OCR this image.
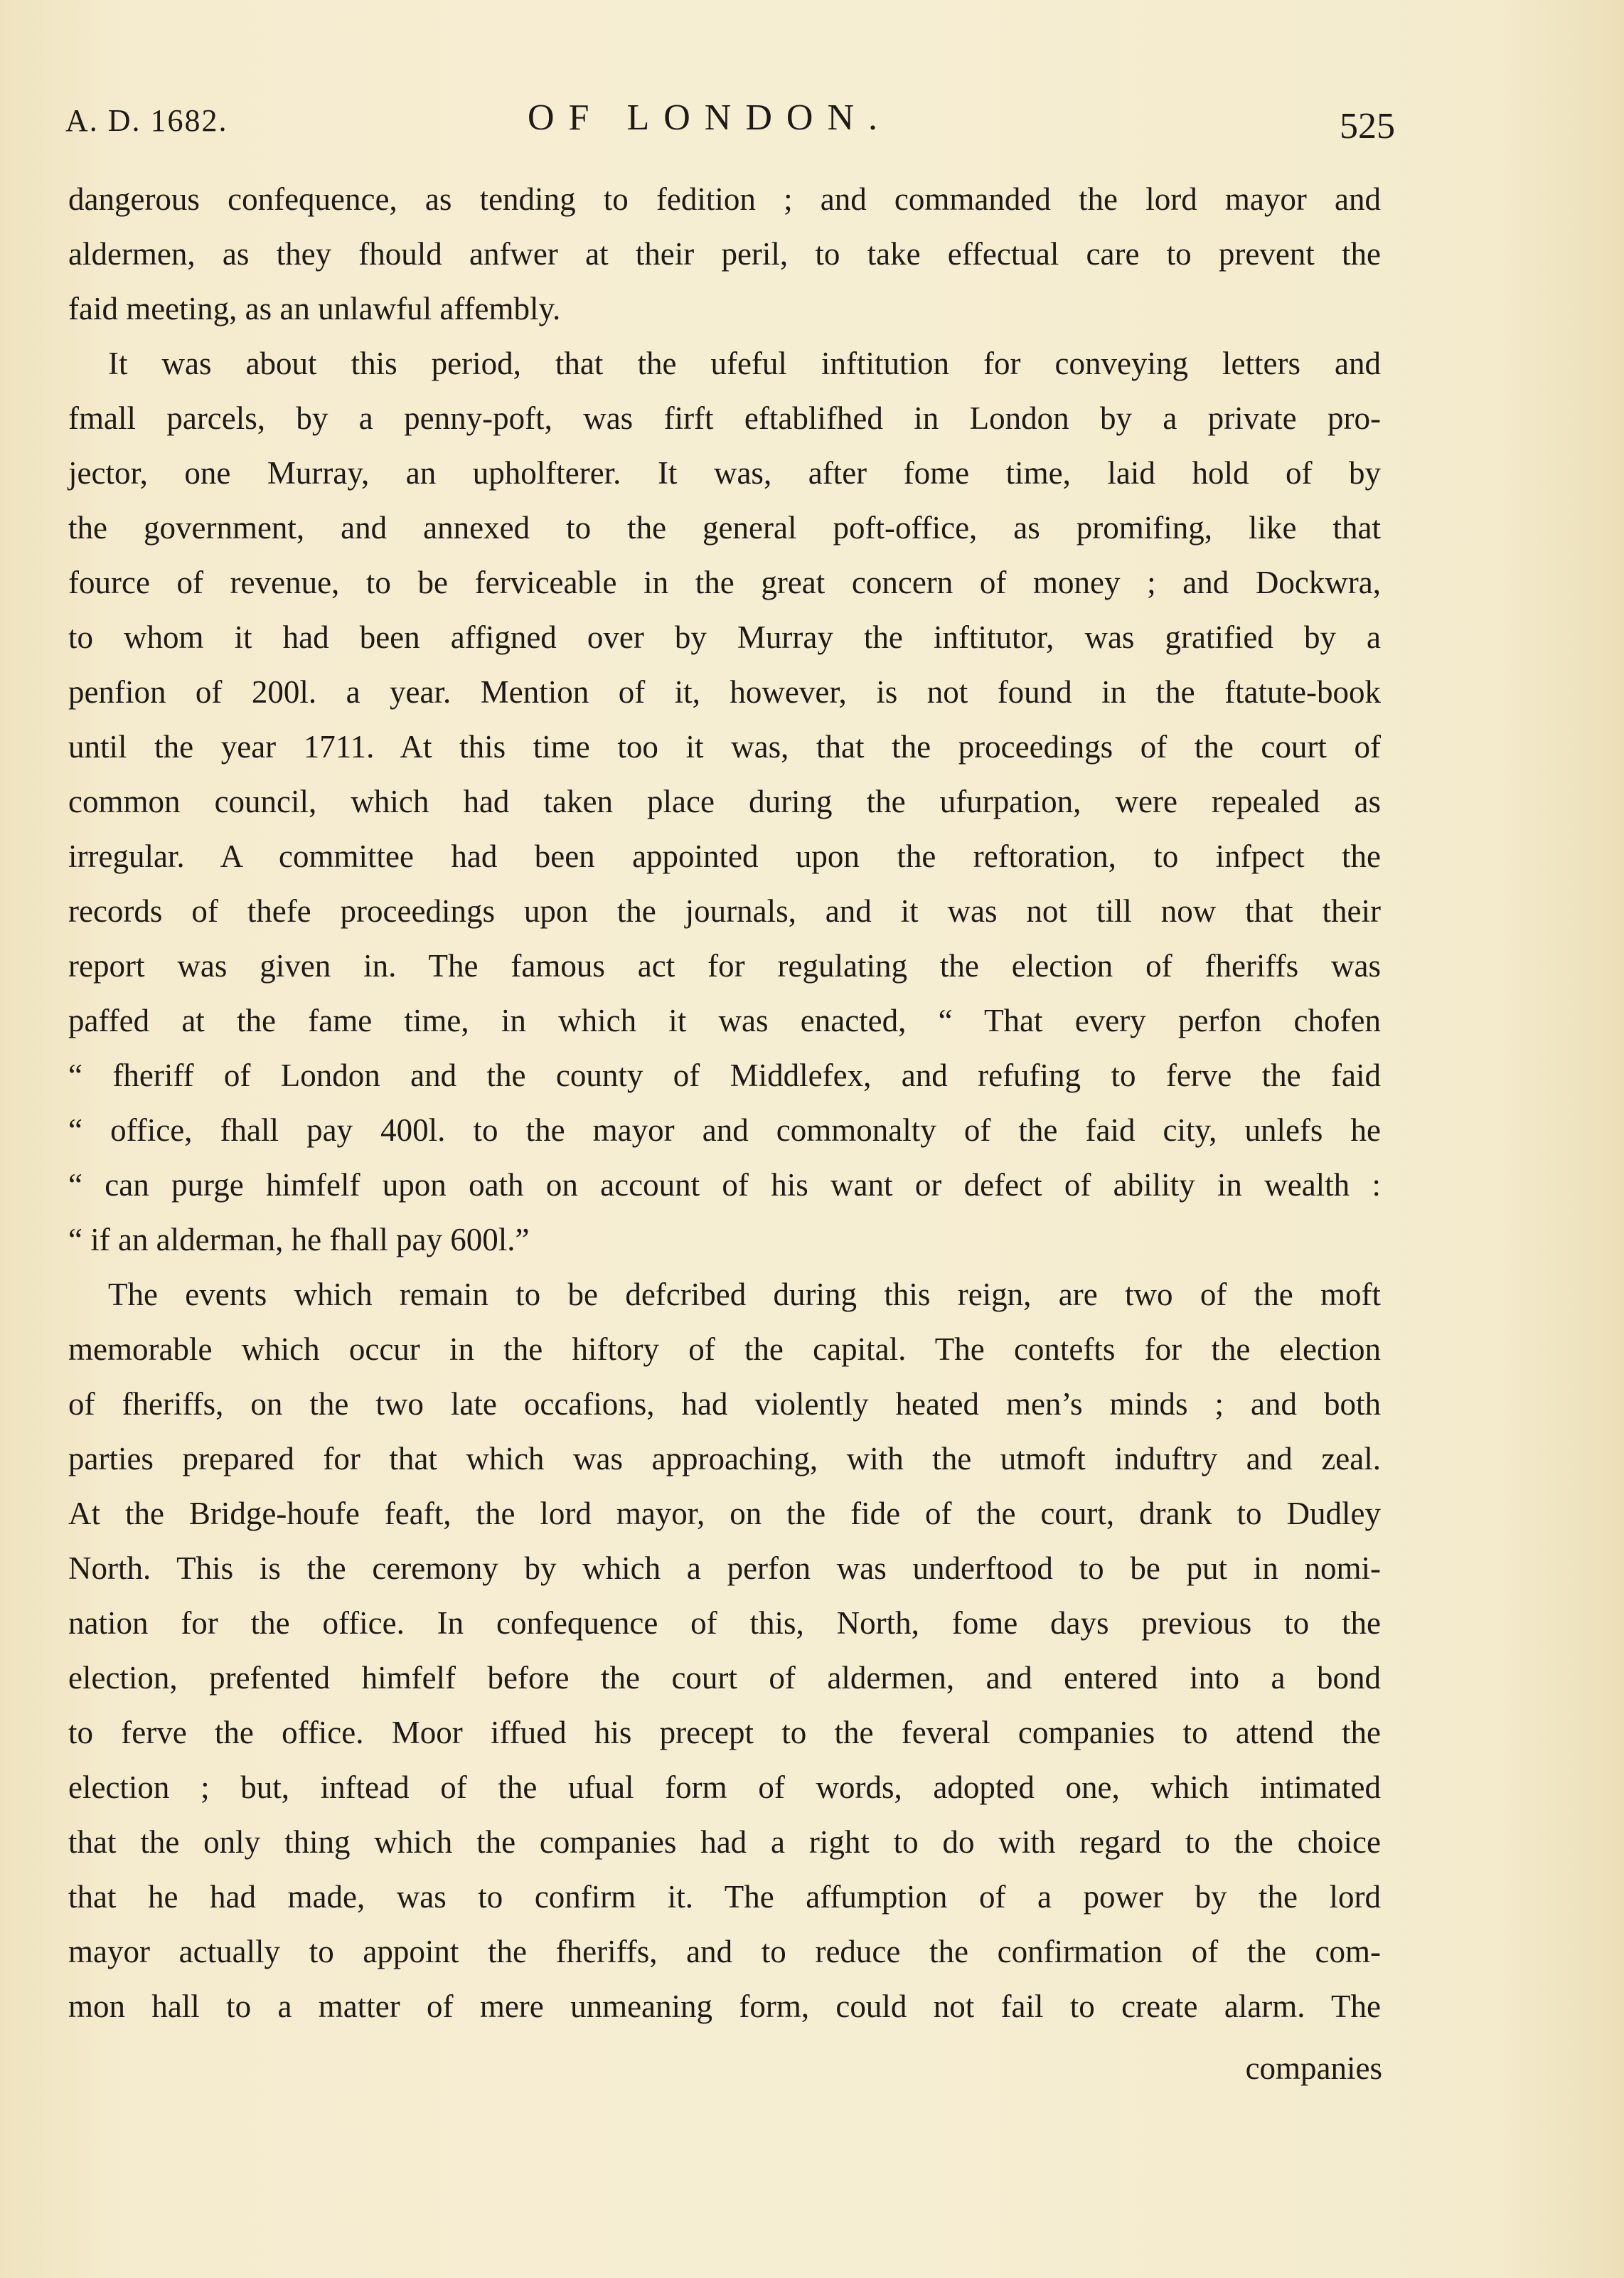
A. D. 1682.	OF LONDON.	525
dangerous confequence, as tending to fedition ; and commanded the lord mayor and
aldermen, as they fhould anfwer at their peril, to take effectual care to prevent the
faid meeting, as an unlawful affembly.
It was about this period, that the ufeful inftitution for conveying letters and
fmall parcels, by a penny-poft, was firft eftablifhed in London by a private pro-
jector, one Murray, an upholfterer. It was, after fome time, laid hold of by
the government, and annexed to the general poft-office, as promifing, like that
fource of revenue, to be ferviceable in the great concern of money ; and Dockwra,
to whom it had been affigned over by Murray the inftitutor, was gratified by a
penfion of 200l. a year. Mention of it, however, is not found in the ftatute-book
until the year 1711. At this time too it was, that the proceedings of the court of
common council, which had taken place during the ufurpation, were repealed as
irregular. A committee had been appointed upon the reftoration, to infpect the
records of thefe proceedings upon the journals, and it was not till now that their
report was given in. The famous act for regulating the election of fheriffs was
paffed at the fame time, in which it was enacted, “ That every perfon chofen
“ fheriff of London and the county of Middlefex, and refufing to ferve the faid
“ office, fhall pay 400l. to the mayor and commonalty of the faid city, unlefs he
“ can purge himfelf upon oath on account of his want or defect of ability in wealth :
“ if an alderman, he fhall pay 600l.”
The events which remain to be defcribed during this reign, are two of the moft
memorable which occur in the hiftory of the capital. The contefts for the election
of fheriffs, on the two late occafions, had violently heated men’s minds ; and both
parties prepared for that which was approaching, with the utmoft induftry and zeal.
At the Bridge-houfe feaft, the lord mayor, on the fide of the court, drank to Dudley
North. This is the ceremony by which a perfon was underftood to be put in nomi-
nation for the office. In confequence of this, North, fome days previous to the
election, prefented himfelf before the court of aldermen, and entered into a bond
to ferve the office. Moor iffued his precept to the feveral companies to attend the
election ; but, inftead of the ufual form of words, adopted one, which intimated
that the only thing which the companies had a right to do with regard to the choice
that he had made, was to confirm it. The affumption of a power by the lord
mayor actually to appoint the fheriffs, and to reduce the confirmation of the com-
mon hall to a matter of mere unmeaning form, could not fail to create alarm. The
companies
